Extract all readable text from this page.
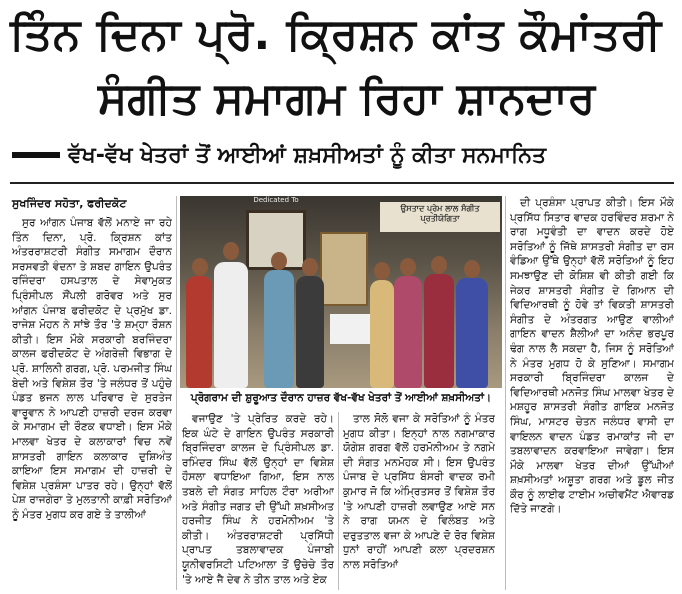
ਤਿੰਨ ਦਿਨਾ ਪ੍ਰੋ. ਕ੍ਰਿਸ਼ਨ ਕਾਂਤ ਕੌਮਾਂਤਰੀ
ਸੰਗੀਤ ਸਮਾਗਮ ਰਿਹਾ ਸ਼ਾਨਦਾਰ
ਵੱਖ-ਵੱਖ ਖੇਤਰਾਂ ਤੋਂ ਆਈਆਂ ਸ਼ਖ਼ਸੀਅਤਾਂ ਨੂੰ ਕੀਤਾ ਸਨਮਾਨਿਤ
ਸੁਖਜਿੰਦਰ ਸਹੋਤਾ, ਫਰੀਦਕੋਟ

ਸੁਰ ਆਂਗਨ ਪੰਜਾਬ ਵੱਲੋਂ ਮਨਾਏ ਜਾ ਰਹੇ ਤਿੰਨ ਦਿਨਾ, ਪ੍ਰੋ. ਕ੍ਰਿਸ਼ਨ ਕਾਂਤ ਅੰਤਰਰਾਸ਼ਟਰੀ ਸੰਗੀਤ ਸਮਾਗਮ ਦੌਰਾਨ ਸਰਸਵਤੀ ਵੰਦਨਾ ਤੇ ਸ਼ਬਦ ਗਾਇਨ ਉਪਰੰਤ ਰਜਿੰਦਰਾ ਹਸਪਤਾਲ ਦੇ ਸੇਵਾਮੁਕਤ ਪ੍ਰਿੰਸੀਪਲ ਸੌਂਪਲੀ ਗਰੋਵਰ ਅਤੇ ਸੁਰ ਆਂਗਨ ਪੰਜਾਬ ਫਰੀਦਕੋਟ ਦੇ ਪ੍ਰਮੁੱਖ ਡਾ. ਰਾਜੇਸ਼ ਮੋਹਨ ਨੇ ਸਾਂਝੇ ਤੌਰ 'ਤੇ ਸ਼ਮ੍ਹਾ ਰੌਸ਼ਨ ਕੀਤੀ। ਇਸ ਮੌਕੇ ਸਰਕਾਰੀ ਬਰਜਿੰਦਰਾ ਕਾਲਜ ਫਰੀਦਕੋਟ ਦੇ ਅੰਗਰੇਜ਼ੀ ਵਿਭਾਗ ਦੇ ਪ੍ਰੋ. ਸ਼ਾਲਿਨੀ ਗਰਗ, ਪ੍ਰੋ. ਪਰਮਜੀਤ ਸਿੰਘ ਬੇਦੀ ਅਤੇ ਵਿਸ਼ੇਸ਼ ਤੌਰ 'ਤੇ ਜਲੰਧਰ ਤੋਂ ਪਹੁੰਚੇ ਪੰਡਤ ਭਜਨ ਲਾਲ ਪਰਿਵਾਰ ਦੇ ਸੁਰਤੇਜ ਵਾਰੂਵਾਨ ਨੇ ਆਪਣੀ ਹਾਜ਼ਰੀ ਦਰਜ ਕਰਵਾ ਕੇ ਸਮਾਗਮ ਦੀ ਰੌਣਕ ਵਧਾਈ। ਇਸ ਮੌਕੇ ਮਾਲਵਾ ਖੇਤਰ ਦੇ ਕਲਾਕਾਰਾਂ ਵਿਚ ਨਵੇਂ ਸ਼ਾਸਤਰੀ ਗਾਇਨ ਕਲਾਕਾਰ ਦੁਸ਼ਿਅੰਤ ਕਾਇਆ ਇਸ ਸਮਾਗਮ ਦੀ ਹਾਜ਼ਰੀ ਦੇ ਵਿਸ਼ੇਸ਼ ਪ੍ਰਸ਼ੰਸਾ ਪਾਤਰ ਰਹੇ। ਉਨ੍ਹਾਂ ਵੱਲੋਂ ਪੇਸ਼ ਰਾਜਗੇਰਾ ਤੇ ਮੁਲਤਾਨੀ ਕਾਫ਼ੀ ਸਰੋਤਿਆਂ ਨੂੰ ਮੰਤਰ ਮੁਗਧ ਕਰ ਗਏ ਤੇ ਤਾਲੀਆਂ

ਉਸਤਾਦ ਪ੍ਰੇਮ ਲਾਲ ਸੰਗੀਤ ਪ੍ਰਤੀਯੋਗਿਤਾ
Dedicated To
ਪ੍ਰੋਗਰਾਮ ਦੀ ਸ਼ੁਰੂਆਤ ਦੌਰਾਨ ਹਾਜ਼ਰ ਵੱਖ-ਵੱਖ ਖੇਤਰਾਂ ਤੋਂ ਆਈਆਂ ਸ਼ਖ਼ਸੀਅਤਾਂ।

ਵਜਾਉਣ 'ਤੇ ਪ੍ਰੇਰਿਤ ਕਰਦੇ ਰਹੇ। ਇਕ ਘੰਟੇ ਦੇ ਗਾਇਨ ਉਪਰੰਤ ਸਰਕਾਰੀ ਬ੍ਰਿਜਿੰਦਰਾ ਕਾਲਜ ਦੇ ਪ੍ਰਿੰਸੀਪਲ ਡਾ. ਰਮਿੰਦਰ ਸਿੰਘ ਵੱਲੋਂ ਉਨ੍ਹਾਂ ਦਾ ਵਿਸ਼ੇਸ਼ ਹੌਸਲਾ ਵਧਾਇਆ ਗਿਆ, ਇਸ ਨਾਲ ਤਬਲੇ ਦੀ ਸੰਗਤ ਸਾਹਿਲ ਟੌਰਾ ਅਰੀਆ ਅਤੇ ਸੰਗੀਤ ਜਗਤ ਦੀ ਉੱਘੀ ਸ਼ਖ਼ਸੀਅਤ ਹਰਜੀਤ ਸਿੰਘ ਨੇ ਹਰਮੋਨੀਅਮ 'ਤੇ ਕੀਤੀ। ਅੰਤਰਰਾਸ਼ਟਰੀ ਪ੍ਰਸਿੱਧੀ ਪ੍ਰਾਪਤ ਤਬਲਾਵਾਦਕ ਪੰਜਾਬੀ ਯੂਨੀਵਰਸਿਟੀ ਪਟਿਆਲਾ ਤੋਂ ਉਚੇਚੇ ਤੌਰ 'ਤੇ ਆਏ ਜੈ ਦੇਵ ਨੇ ਤੀਨ ਤਾਲ ਅਤੇ ਏਕ

ਤਾਲ ਸੋਲੋ ਵਜਾ ਕੇ ਸਰੋਤਿਆਂ ਨੂੰ ਮੰਤਰ ਮੁਗਧ ਕੀਤਾ। ਇਨ੍ਹਾਂ ਨਾਲ ਨਗਮਾਕਾਰ ਯੋਗੇਸ਼ ਗਰਗ ਵੱਲੋਂ ਹਰਮੋਨੀਅਮ ਤੇ ਨਗਮੇ ਦੀ ਸੰਗਤ ਮਨਮੋਹਕ ਸੀ। ਇਸ ਉਪਰੰਤ ਪੰਜਾਬ ਦੇ ਪ੍ਰਸਿੱਧ ਬੰਸਰੀ ਵਾਦਕ ਰਮੀ ਕੁਮਾਰ ਜੋ ਕਿ ਅੰਮ੍ਰਿਤਸਰ ਤੋਂ ਵਿਸ਼ੇਸ਼ ਤੌਰ 'ਤੇ ਆਪਣੀ ਹਾਜ਼ਰੀ ਲਵਾਉਣ ਆਏ ਸਨ ਨੇ ਰਾਗ ਯਮਨ ਦੇ ਵਿਲੰਬਤ ਅਤੇ ਦਰੁਤਤਾਲ ਵਜਾ ਕੇ ਆਪਣੇ ਦੋ ਰੋਰ ਵਿਸ਼ੇਸ਼ ਧੁਨਾਂ ਰਾਹੀਂ ਆਪਣੀ ਕਲਾ ਪ੍ਰਦਰਸ਼ਨ ਨਾਲ ਸਰੋਤਿਆਂ

ਦੀ ਪ੍ਰਸ਼ੰਸਾ ਪ੍ਰਾਪਤ ਕੀਤੀ। ਇਸ ਮੌਕੇ ਪ੍ਰਸਿੱਧ ਸਿਤਾਰ ਵਾਦਕ ਹਰਵਿੰਦਰ ਸ਼ਰਮਾ ਨੇ ਰਾਗ ਮਧੂਵੰਤੀ ਦਾ ਵਾਦਨ ਕਰਦੇ ਹੋਏ ਸਰੋਤਿਆਂ ਨੂੰ ਜਿੱਥੇ ਸ਼ਾਸਤਰੀ ਸੰਗੀਤ ਦਾ ਰਸ ਵੰਡਿਆ ਉੱਥੇ ਉਨ੍ਹਾਂ ਵੱਲੋਂ ਸਰੋਤਿਆਂ ਨੂੰ ਇਹ ਸਮਝਾਉਣ ਦੀ ਕੋਸ਼ਿਸ਼ ਵੀ ਕੀਤੀ ਗਈ ਕਿ ਜੇਕਰ ਸ਼ਾਸਤਰੀ ਸੰਗੀਤ ਦੇ ਗਿਆਨ ਦੀ ਵਿਦਿਆਰਥੀ ਨੂੰ ਹੋਵੇ ਤਾਂ ਵਿਕਤੀ ਸ਼ਾਸਤਰੀ ਸੰਗੀਤ ਦੇ ਅੰਤਰਗਤ ਆਉਣ ਵਾਲੀਆਂ ਗਾਇਨ ਵਾਦਨ ਸ਼ੈਲੀਆਂ ਦਾ ਅਨੰਦ ਭਰਪੂਰ ਢੰਗ ਨਾਲ ਲੈ ਸਕਦਾ ਹੈ, ਜਿਸ ਨੂੰ ਸਰੋਤਿਆਂ ਨੇ ਮੰਤਰ ਮੁਗਧ ਹੋ ਕੇ ਸੁਣਿਆ। ਸਮਾਗਮ ਸਰਕਾਰੀ ਬ੍ਰਿਜਿੰਦਰਾ ਕਾਲਜ ਦੇ ਵਿਦਿਆਰਥੀ ਮਨਜੋਤ ਸਿੰਘ ਮਾਲਵਾ ਖੇਤਰ ਦੇ ਮਸ਼ਹੂਰ ਸ਼ਾਸਤਰੀ ਸੰਗੀਤ ਗਾਇਕ ਮਨਜੋਤ ਸਿੰਘ, ਮਾਸਟਰ ਚੇਤਨ ਜਲੰਧਰ ਵਾਸੀ ਦਾ ਵਾਇਲਨ ਵਾਦਨ ਪੰਡਤ ਰਮਾਕਾਂਤ ਜੀ ਦਾ ਤਬਲਾਵਾਦਨ ਕਰਵਾਇਆ ਜਾਵੇਗਾ। ਇਸ ਮੌਕੇ ਮਾਲਵਾ ਖੇਤਰ ਦੀਆਂ ਉੱਘੀਆਂ ਸ਼ਖ਼ਸੀਅਤਾਂ ਅਸ਼ੂਤਾ ਗਰਗ ਅਤੇ ਡੂਲ ਜੀਤ ਕੌਰ ਨੂੰ ਲਾਈਫ ਟਾਈਮ ਅਚੀਵਮੈਂਟ ਐਵਾਰਡ ਦਿੱਤੇ ਜਾਣਗੇ।
